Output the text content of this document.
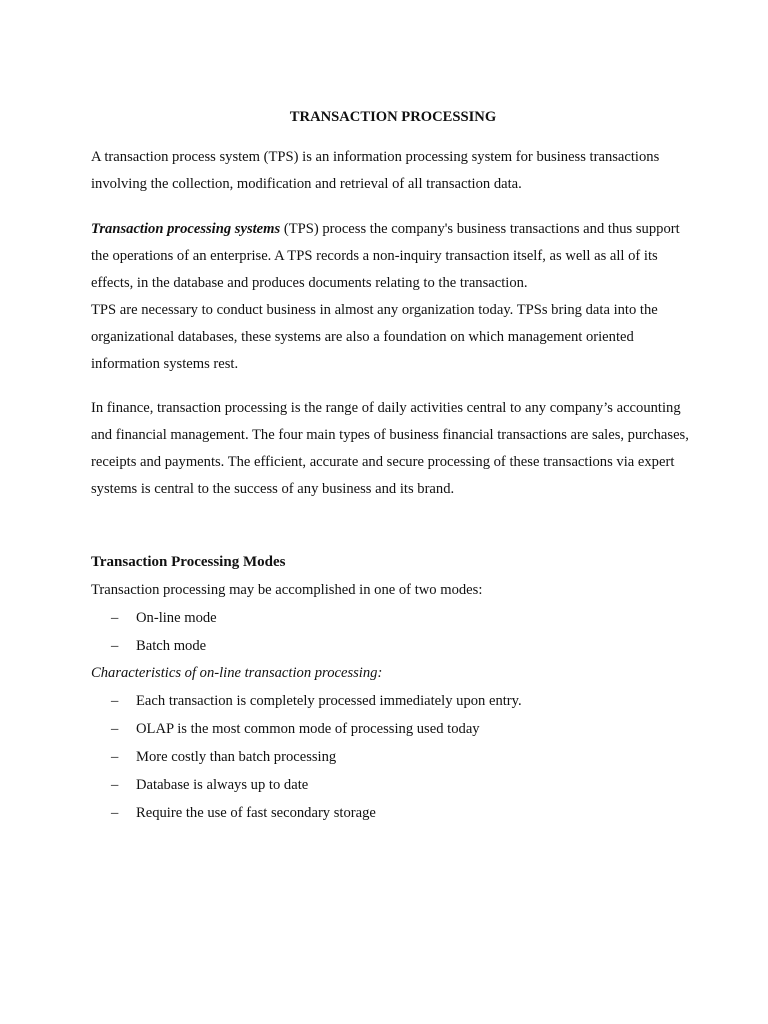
TRANSACTION PROCESSING

A transaction process system (TPS) is an information processing system for business transactions involving the collection, modification and retrieval of all transaction data.

Transaction processing systems (TPS) process the company's business transactions and thus support the operations of an enterprise. A TPS records a non-inquiry transaction itself, as well as all of its effects, in the database and produces documents relating to the transaction.

TPS are necessary to conduct business in almost any organization today. TPSs bring data into the organizational databases, these systems are also a foundation on which management oriented information systems rest.

In finance, transaction processing is the range of daily activities central to any company’s accounting and financial management. The four main types of business financial transactions are sales, purchases, receipts and payments. The efficient, accurate and secure processing of these transactions via expert systems is central to the success of any business and its brand.

Transaction Processing Modes

Transaction processing may be accomplished in one of two modes:

– On-line mode
– Batch mode

Characteristics of on-line transaction processing:

– Each transaction is completely processed immediately upon entry.
– OLAP is the most common mode of processing used today
– More costly than batch processing
– Database is always up to date
– Require the use of fast secondary storage
